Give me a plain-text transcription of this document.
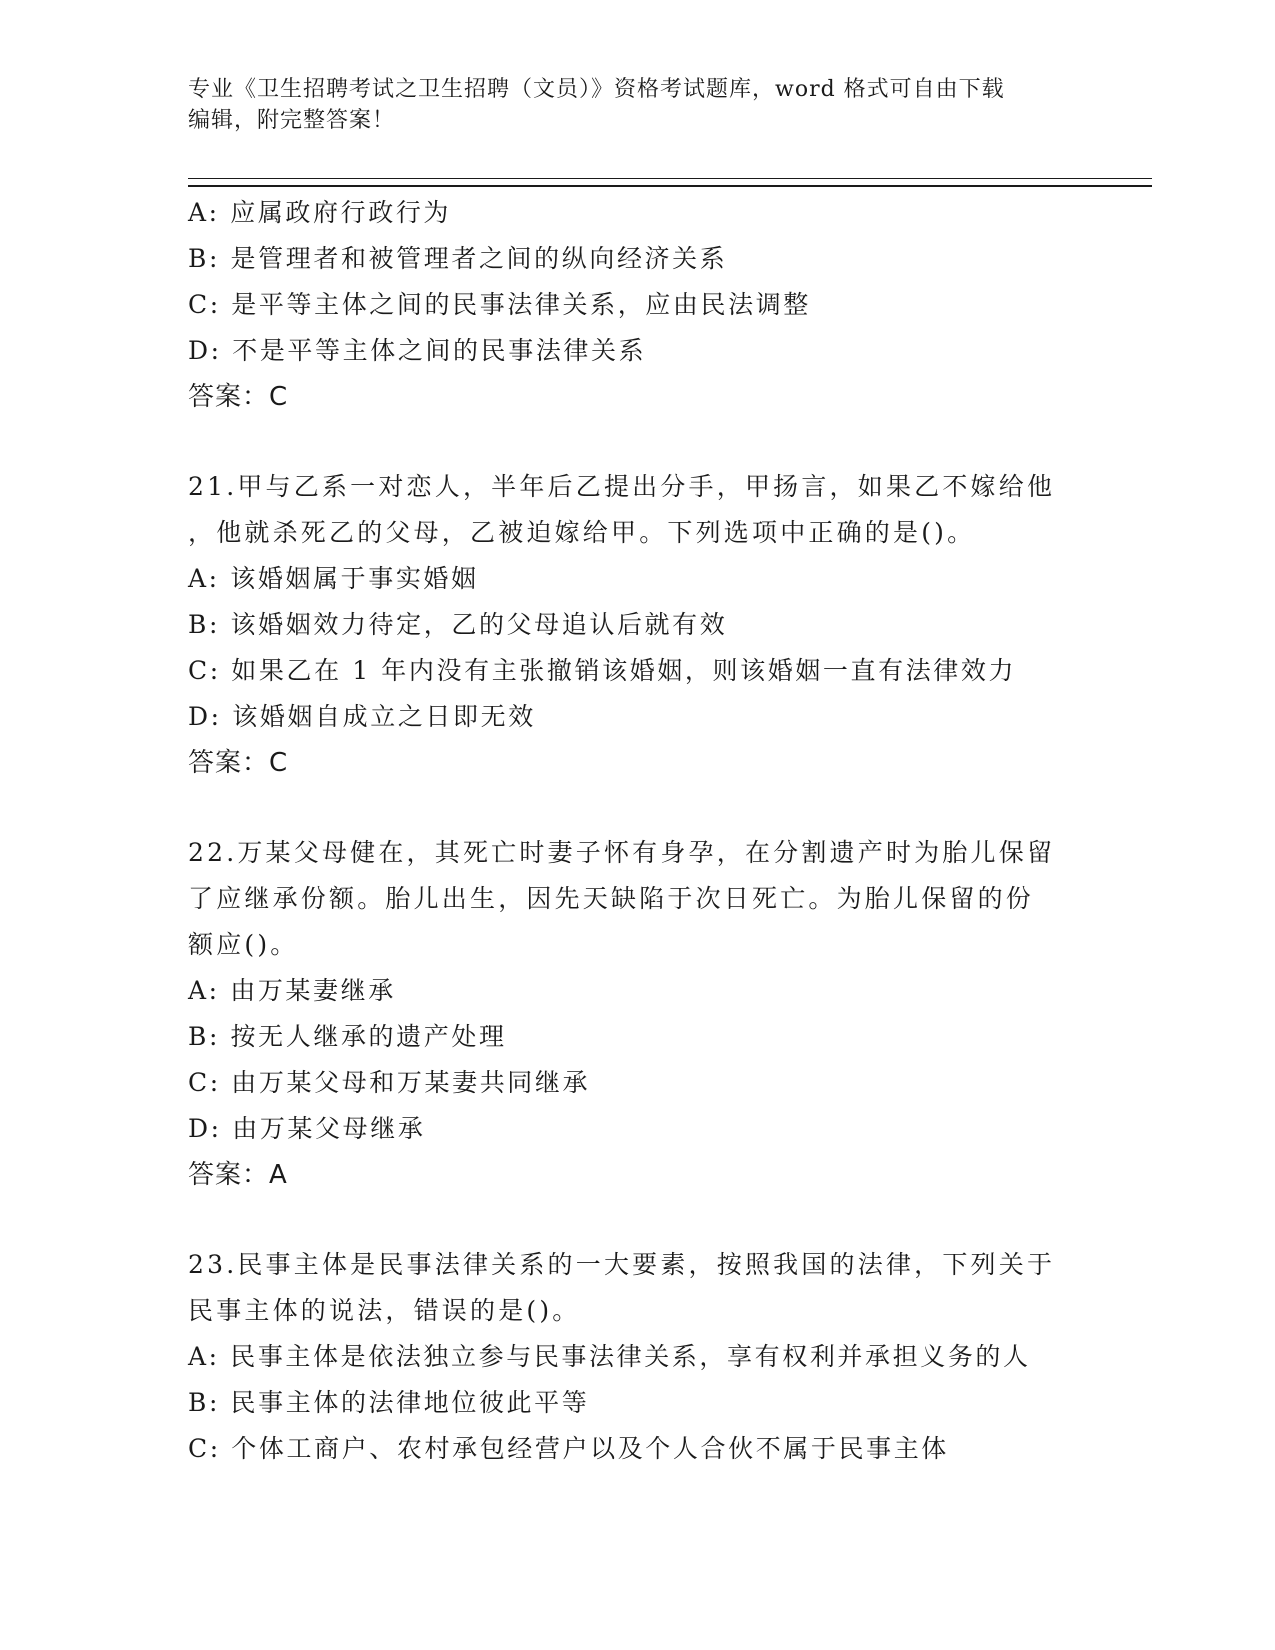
专业《卫生招聘考试之卫生招聘（文员）》资格考试题库，word 格式可自由下载
编辑，附完整答案！
A: 应属政府行政行为
B: 是管理者和被管理者之间的纵向经济关系
C: 是平等主体之间的民事法律关系，应由民法调整
D: 不是平等主体之间的民事法律关系
答案：C
21.甲与乙系一对恋人，半年后乙提出分手，甲扬言，如果乙不嫁给他
，他就杀死乙的父母，乙被迫嫁给甲。下列选项中正确的是()。
A: 该婚姻属于事实婚姻
B: 该婚姻效力待定，乙的父母追认后就有效
C: 如果乙在 1 年内没有主张撤销该婚姻，则该婚姻一直有法律效力
D: 该婚姻自成立之日即无效
答案：C
22.万某父母健在，其死亡时妻子怀有身孕，在分割遗产时为胎儿保留
了应继承份额。胎儿出生，因先天缺陷于次日死亡。为胎儿保留的份
额应()。
A: 由万某妻继承
B: 按无人继承的遗产处理
C: 由万某父母和万某妻共同继承
D: 由万某父母继承
答案：A
23.民事主体是民事法律关系的一大要素，按照我国的法律，下列关于
民事主体的说法，错误的是()。
A: 民事主体是依法独立参与民事法律关系，享有权利并承担义务的人
B: 民事主体的法律地位彼此平等
C: 个体工商户、农村承包经营户以及个人合伙不属于民事主体
